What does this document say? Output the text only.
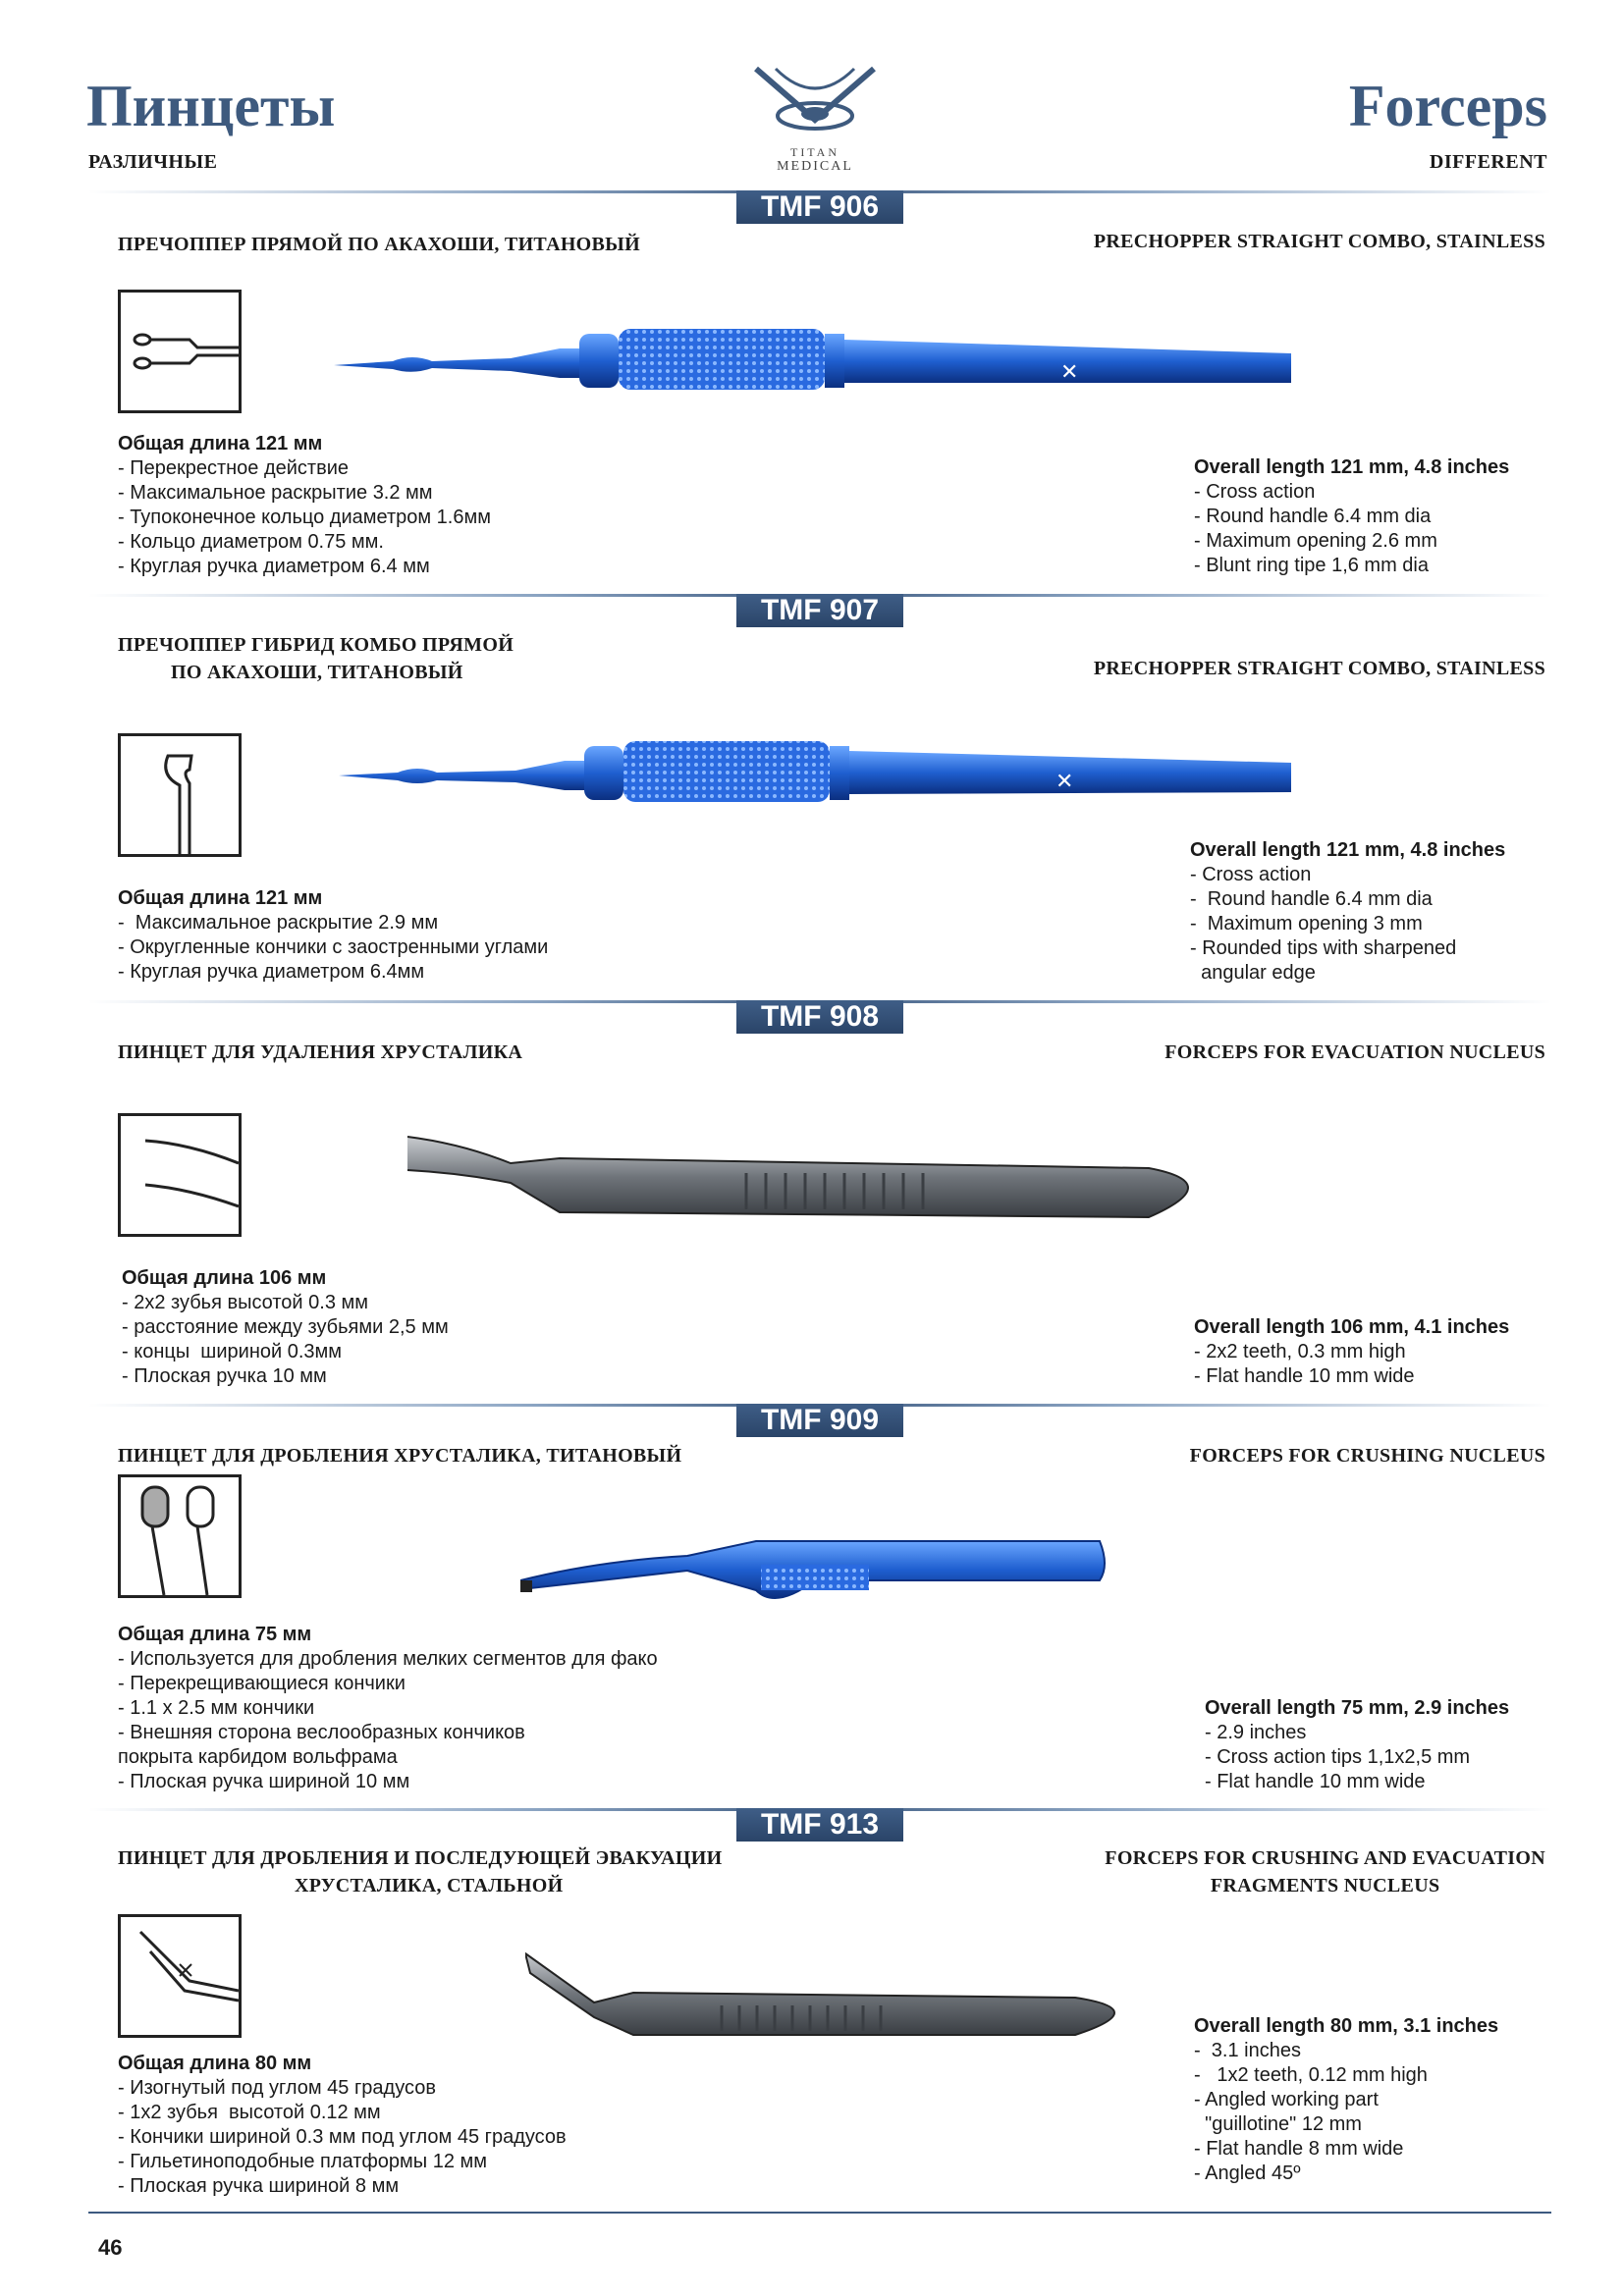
Пинцеты
РАЗЛИЧНЫЕ
Forceps
DIFFERENT
TITAN
MEDICAL
TMF 906
ПРЕЧОППЕР ПРЯМОЙ ПО АКАХОШИ, ТИТАНОВЫЙ	PRECHOPPER STRAIGHT COMBO, STAINLESS
✕
Общая длина 121 мм
- Перекрестное действие
- Максимальное раскрытие 3.2 мм
- Тупоконечное кольцо диаметром 1.6мм
- Кольцо диаметром 0.75 мм.
- Круглая ручка диаметром 6.4 мм
Overall length 121 mm, 4.8 inches
- Cross action
- Round handle 6.4 mm dia
- Maximum opening 2.6 mm
- Blunt ring tipe 1,6 mm dia
TMF 907
ПРЕЧОППЕР ГИБРИД КОМБО ПРЯМОЙ
ПО АКАХОШИ, ТИТАНОВЫЙ	PRECHOPPER STRAIGHT COMBO, STAINLESS
✕
Общая длина 121 мм
-  Максимальное раскрытие 2.9 мм
- Округленные кончики с заостренными углами
- Круглая ручка диаметром 6.4мм
Overall length 121 mm, 4.8 inches
- Cross action
-  Round handle 6.4 mm dia
-  Maximum opening 3 mm
- Rounded tips with sharpened
angular edge
TMF 908
ПИНЦЕТ ДЛЯ УДАЛЕНИЯ ХРУСТАЛИКА	FORCEPS FOR EVACUATION NUCLEUS
Общая длина 106 мм
- 2х2 зубья высотой 0.3 мм
- расстояние между зубьями 2,5 мм
- концы  шириной 0.3мм
- Плоская ручка 10 мм
Overall length 106 mm, 4.1 inches
- 2x2 teeth, 0.3 mm high
- Flat handle 10 mm wide
TMF 909
ПИНЦЕТ ДЛЯ ДРОБЛЕНИЯ ХРУСТАЛИКА, ТИТАНОВЫЙ	FORCEPS FOR CRUSHING NUCLEUS
Общая длина 75 мм
- Используется для дробления мелких сегментов для фако
- Перекрещивающиеся кончики
- 1.1 х 2.5 мм кончики
- Внешняя сторона веслообразных кончиков
покрыта карбидом вольфрама
- Плоская ручка шириной 10 мм
Overall length 75 mm, 2.9 inches
- 2.9 inches
- Cross action tips 1,1x2,5 mm
- Flat handle 10 mm wide
TMF 913
ПИНЦЕТ ДЛЯ ДРОБЛЕНИЯ И ПОСЛЕДУЮЩЕЙ ЭВАКУАЦИИ
ХРУСТАЛИКА, СТАЛЬНОЙ
FORCEPS FOR CRUSHING AND EVACUATION
FRAGMENTS NUCLEUS
Общая длина 80 мм
- Изогнутый под углом 45 градусов
- 1х2 зубья  высотой 0.12 мм
- Кончики шириной 0.3 мм под углом 45 градусов
- Гильетиноподобные платформы 12 мм
- Плоская ручка шириной 8 мм
Overall length 80 mm, 3.1 inches
-  3.1 inches
-   1x2 teeth, 0.12 mm high
- Angled working part
"guillotine" 12 mm
- Flat handle 8 mm wide
- Angled 45º
46
